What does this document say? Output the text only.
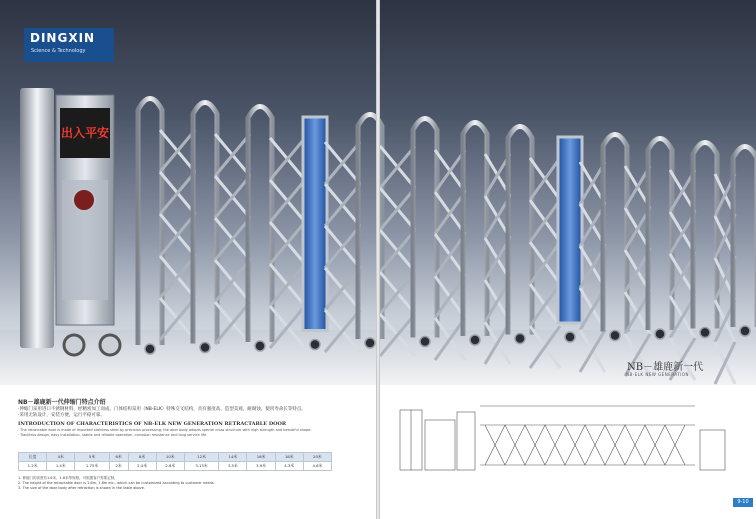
出入平安
DINGXIN
Science & Technology
NB－雄鹿新一代
NB-ELK NEW GENERATION
NB－雄鹿新一代伸缩门特点介绍
·伸缩门采用进口不锈钢材料，经精密加工而成，门体结构采用（NB-ELK）特殊交叉结构，具有强度高、造型美观、耐腐蚀、使用寿命长等特点。
·采用无轨设计，安装方便，运行平稳可靠。
INTRODUCTION OF CHARACTERISTICS OF NB-ELK NEW GENERATION RETRACTABLE DOOR
· The retractable door is made of imported stainless steel by precision processing; the door body adopts special cross structure with high strength and beautiful shape.
· Trackless design, easy installation, stable and reliable operation, corrosion resistance and long service life.
长度	4米	5米	6米	8米	10米	12米	14米	16米	18米	20米
1.2米	1.4米	1.75米	2米	2.4米	2.8米	3.15米	3.5米	3.9米	4.3米	4.6米
1. 伸缩门的高度有1.6米、1.8米等规格，可根据客户需要定制。
2. The height of the retractable door is 1.6m, 1.8m etc., which can be customized according to customer needs.
3. The size of the door body after retraction is shown in the table above.
9-10
